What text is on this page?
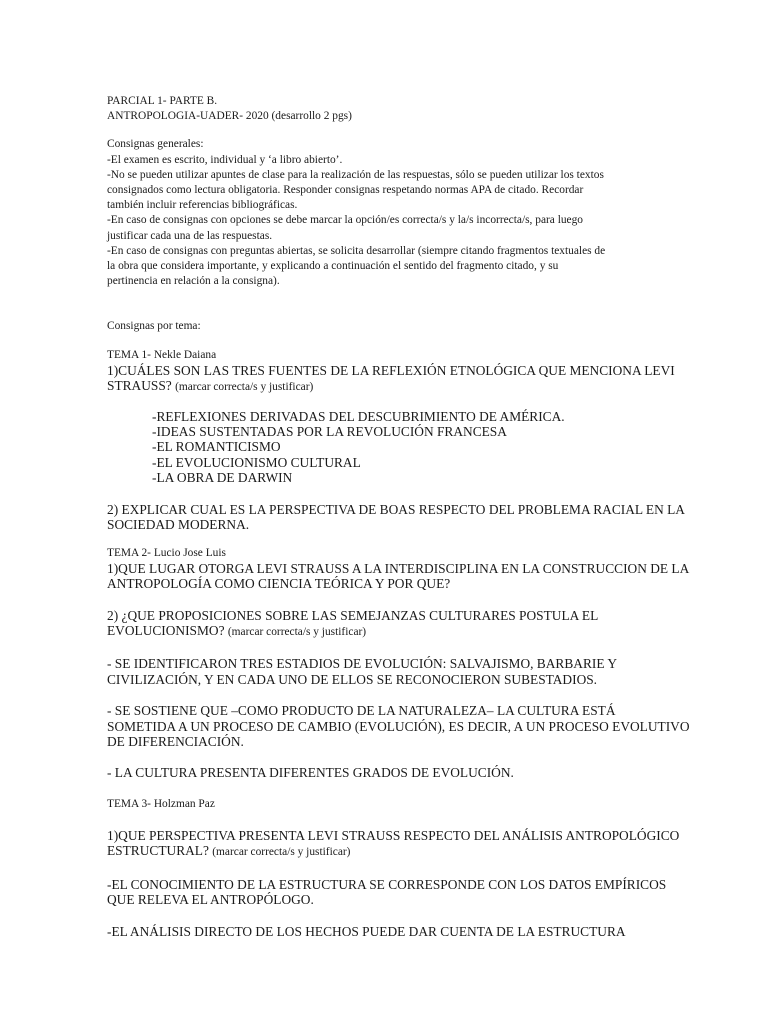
PARCIAL 1- PARTE B.
ANTROPOLOGIA-UADER- 2020 (desarrollo 2 pgs)
Consignas generales:
-El examen es escrito, individual y ‘a libro abierto’.
-No se pueden utilizar apuntes de clase para la realización de las respuestas, sólo se pueden utilizar los textos
consignados como lectura obligatoria. Responder consignas respetando normas APA de citado. Recordar
también incluir referencias bibliográficas.
-En caso de consignas con opciones se debe marcar la opción/es correcta/s y la/s incorrecta/s, para luego
justificar cada una de las respuestas.
-En caso de consignas con preguntas abiertas, se solicita desarrollar (siempre citando fragmentos textuales de
la obra que considera importante, y explicando a continuación el sentido del fragmento citado, y su
pertinencia en relación a la consigna).
Consignas por tema:
TEMA 1- Nekle Daiana
1)CUÁLES SON LAS TRES FUENTES DE LA REFLEXIÓN ETNOLÓGICA QUE MENCIONA LEVI
STRAUSS? (marcar correcta/s y justificar)
-REFLEXIONES DERIVADAS DEL DESCUBRIMIENTO DE AMÉRICA.
-IDEAS SUSTENTADAS POR LA REVOLUCIÓN FRANCESA
-EL ROMANTICISMO
-EL EVOLUCIONISMO CULTURAL
-LA OBRA DE DARWIN
2) EXPLICAR CUAL ES LA PERSPECTIVA DE BOAS RESPECTO DEL PROBLEMA RACIAL EN LA
SOCIEDAD MODERNA.
TEMA 2- Lucio Jose Luis
1)QUE LUGAR OTORGA LEVI STRAUSS A LA INTERDISCIPLINA EN LA CONSTRUCCION DE LA
ANTROPOLOGÍA COMO CIENCIA TEÓRICA Y POR QUE?
2) ¿QUE PROPOSICIONES SOBRE LAS SEMEJANZAS CULTURARES POSTULA EL
EVOLUCIONISMO? (marcar correcta/s y justificar)
- SE IDENTIFICARON TRES ESTADIOS DE EVOLUCIÓN: SALVAJISMO, BARBARIE Y
CIVILIZACIÓN, Y EN CADA UNO DE ELLOS SE RECONOCIERON SUBESTADIOS.
- SE SOSTIENE QUE –COMO PRODUCTO DE LA NATURALEZA– LA CULTURA ESTÁ
SOMETIDA A UN PROCESO DE CAMBIO (EVOLUCIÓN), ES DECIR, A UN PROCESO EVOLUTIVO
DE DIFERENCIACIÓN.
- LA CULTURA PRESENTA DIFERENTES GRADOS DE EVOLUCIÓN.
TEMA 3- Holzman Paz
1)QUE PERSPECTIVA PRESENTA LEVI STRAUSS RESPECTO DEL ANÁLISIS ANTROPOLÓGICO
ESTRUCTURAL? (marcar correcta/s y justificar)
-EL CONOCIMIENTO DE LA ESTRUCTURA SE CORRESPONDE CON LOS DATOS EMPÍRICOS
QUE RELEVA EL ANTROPÓLOGO.
-EL ANÁLISIS DIRECTO DE LOS HECHOS PUEDE DAR CUENTA DE LA ESTRUCTURA
